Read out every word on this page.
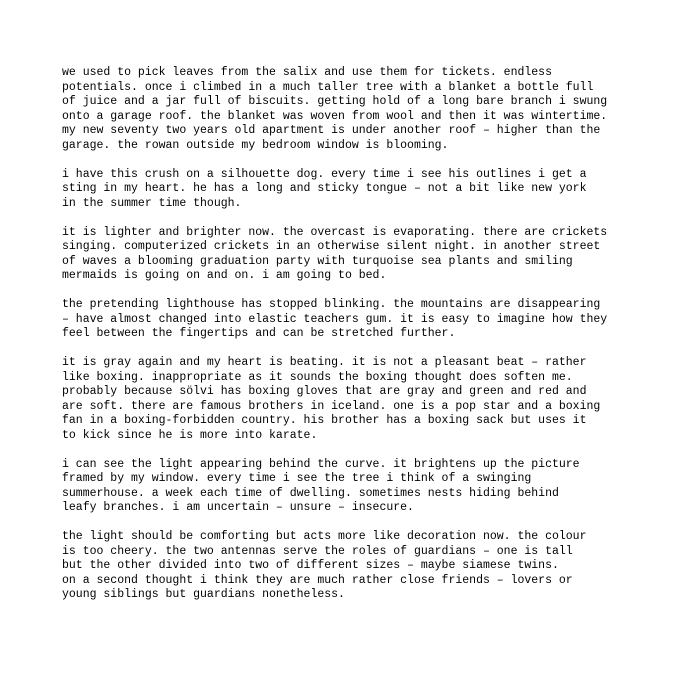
we used to pick leaves from the salix and use them for tickets. endless
potentials. once i climbed in a much taller tree with a blanket a bottle full
of juice and a jar full of biscuits. getting hold of a long bare branch i swung
onto a garage roof. the blanket was woven from wool and then it was wintertime.
my new seventy two years old apartment is under another roof – higher than the
garage. the rowan outside my bedroom window is blooming.
i have this crush on a silhouette dog. every time i see his outlines i get a
sting in my heart. he has a long and sticky tongue – not a bit like new york
in the summer time though.
it is lighter and brighter now. the overcast is evaporating. there are crickets
singing. computerized crickets in an otherwise silent night. in another street
of waves a blooming graduation party with turquoise sea plants and smiling
mermaids is going on and on. i am going to bed.
the pretending lighthouse has stopped blinking. the mountains are disappearing
– have almost changed into elastic teachers gum. it is easy to imagine how they
feel between the fingertips and can be stretched further.
it is gray again and my heart is beating. it is not a pleasant beat – rather
like boxing. inappropriate as it sounds the boxing thought does soften me.
probably because sölvi has boxing gloves that are gray and green and red and
are soft. there are famous brothers in iceland. one is a pop star and a boxing
fan in a boxing-forbidden country. his brother has a boxing sack but uses it
to kick since he is more into karate.
i can see the light appearing behind the curve. it brightens up the picture
framed by my window. every time i see the tree i think of a swinging
summerhouse. a week each time of dwelling. sometimes nests hiding behind
leafy branches. i am uncertain – unsure – insecure.
the light should be comforting but acts more like decoration now. the colour
is too cheery. the two antennas serve the roles of guardians – one is tall
but the other divided into two of different sizes – maybe siamese twins.
on a second thought i think they are much rather close friends – lovers or
young siblings but guardians nonetheless.
